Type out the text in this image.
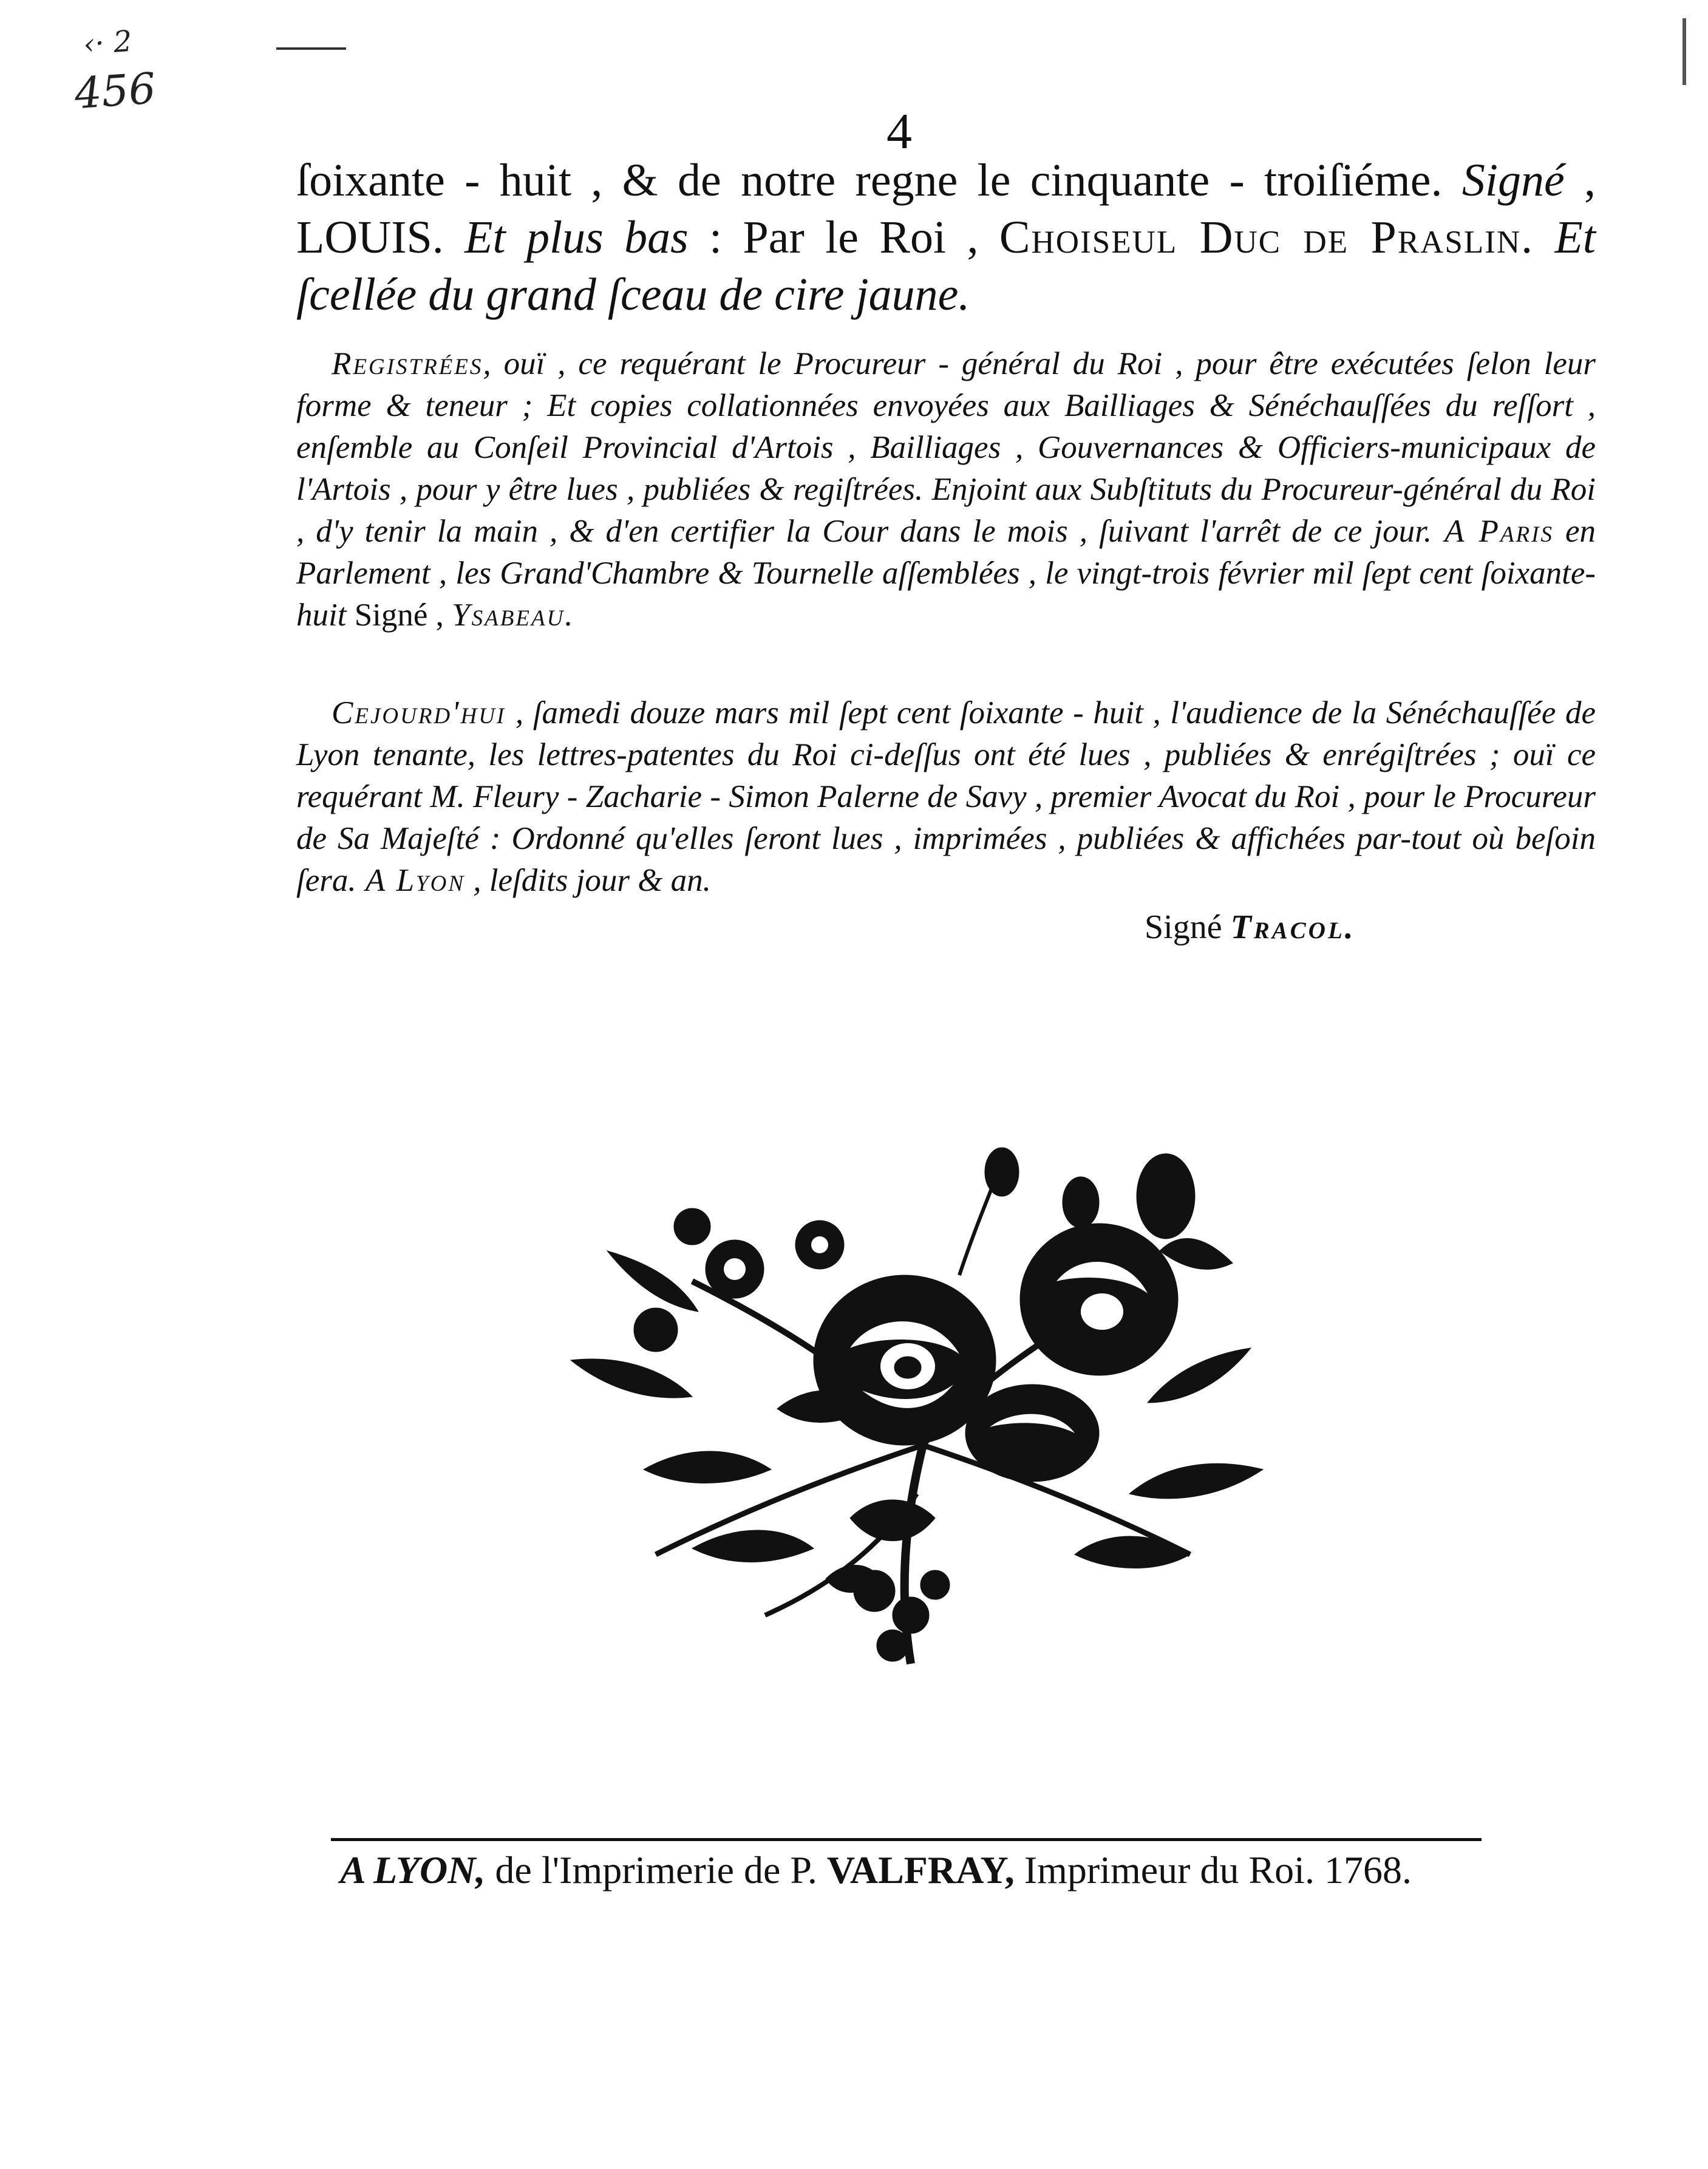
‹· 2
456
4
ſoixante - huit , & de notre regne le cinquante - troiſiéme. Signé , LOUIS. Et plus bas : Par le Roi , Choiseul Duc de Praslin. Et ſcellée du grand ſceau de cire jaune.
Registrées, ouï , ce requérant le Procureur - général du Roi , pour être exécutées ſelon leur forme & teneur ; Et copies collationnées envoyées aux Bailliages & Sénéchauſſées du reſſort , enſemble au Conſeil Provincial d'Artois , Bailliages , Gouvernances & Officiers-municipaux de l'Artois , pour y être lues , publiées & regiſtrées. Enjoint aux Subſtituts du Procureur-général du Roi , d'y tenir la main , & d'en certifier la Cour dans le mois , ſuivant l'arrêt de ce jour. A Paris en Parlement , les Grand'Chambre & Tournelle aſſemblées , le vingt-trois février mil ſept cent ſoixante-huit Signé , Ysabeau.
Cejourd'hui , ſamedi douze mars mil ſept cent ſoixante - huit , l'audience de la Sénéchauſſée de Lyon tenante, les lettres-patentes du Roi ci-deſſus ont été lues , publiées & enrégiſtrées ; ouï ce requérant M. Fleury - Zacharie - Simon Palerne de Savy , premier Avocat du Roi , pour le Procureur de Sa Majeſté : Ordonné qu'elles ſeront lues , imprimées , publiées & affichées par-tout où beſoin ſera. A Lyon , leſdits jour & an.
Signé Tracol.
A LYON, de l'Imprimerie de P. VALFRAY, Imprimeur du Roi. 1768.
